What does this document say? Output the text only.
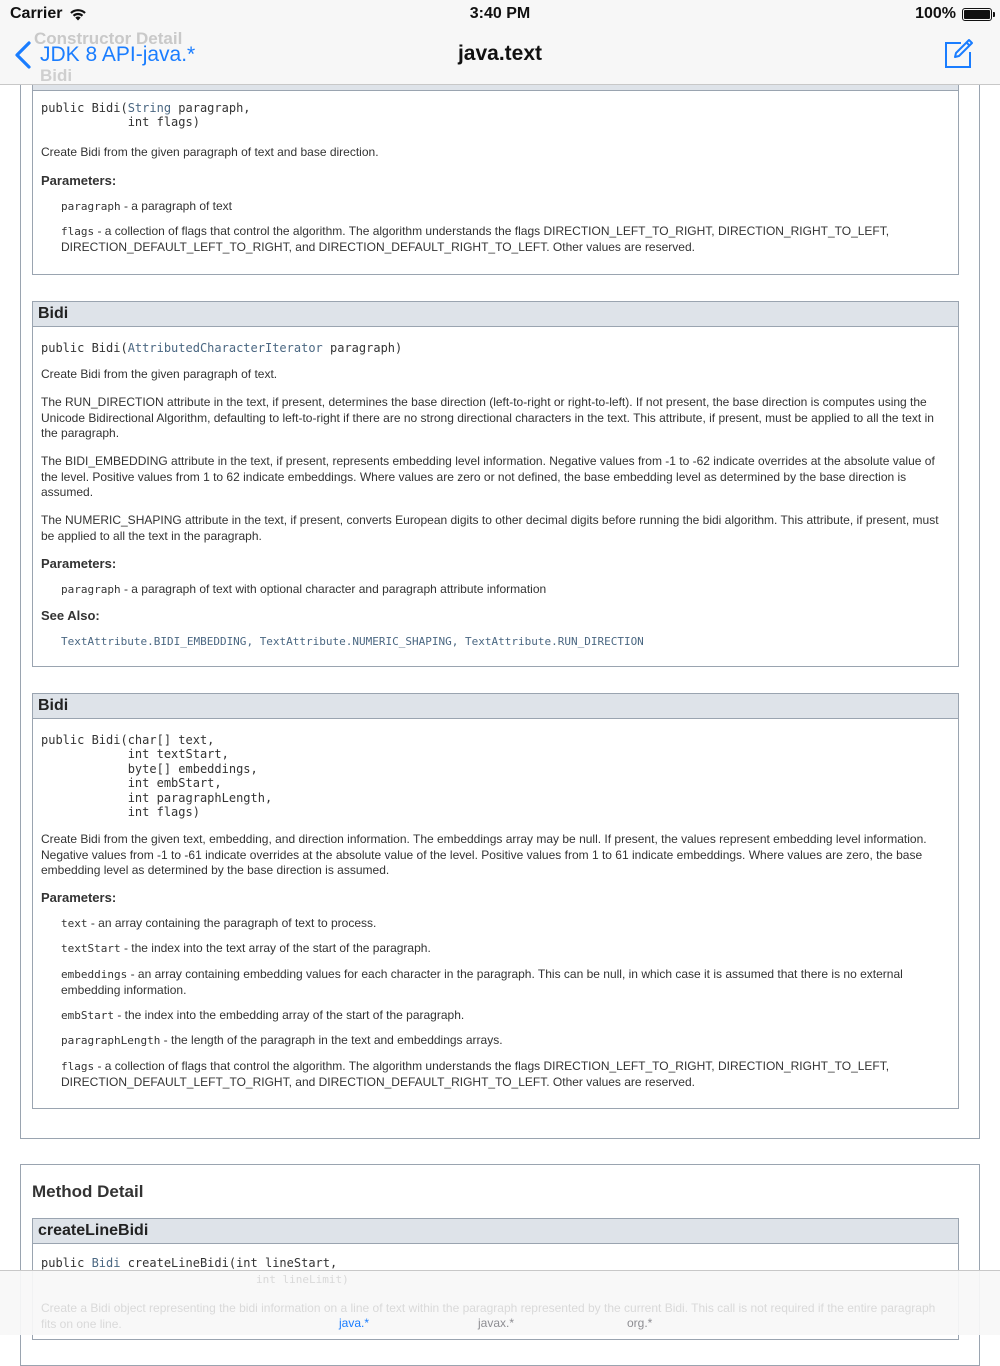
Carrier	3:40 PM	100%
Constructor Detail
Bidi
JDK 8 API-java.*	java.text
public Bidi(String paragraph,
int flags)
Create Bidi from the given paragraph of text and base direction.
Parameters:
paragraph - a paragraph of text
flags - a collection of flags that control the algorithm. The algorithm understands the flags DIRECTION_LEFT_TO_RIGHT, DIRECTION_RIGHT_TO_LEFT, DIRECTION_DEFAULT_LEFT_TO_RIGHT, and DIRECTION_DEFAULT_RIGHT_TO_LEFT. Other values are reserved.
Bidi
public Bidi(AttributedCharacterIterator paragraph)
Create Bidi from the given paragraph of text.
The RUN_DIRECTION attribute in the text, if present, determines the base direction (left-to-right or right-to-left). If not present, the base direction is computes using the Unicode Bidirectional Algorithm, defaulting to left-to-right if there are no strong directional characters in the text. This attribute, if present, must be applied to all the text in the paragraph.
The BIDI_EMBEDDING attribute in the text, if present, represents embedding level information. Negative values from -1 to -62 indicate overrides at the absolute value of the level. Positive values from 1 to 62 indicate embeddings. Where values are zero or not defined, the base embedding level as determined by the base direction is assumed.
The NUMERIC_SHAPING attribute in the text, if present, converts European digits to other decimal digits before running the bidi algorithm. This attribute, if present, must be applied to all the text in the paragraph.
Parameters:
paragraph - a paragraph of text with optional character and paragraph attribute information
See Also:
TextAttribute.BIDI_EMBEDDING, TextAttribute.NUMERIC_SHAPING, TextAttribute.RUN_DIRECTION
Bidi
public Bidi(char[] text,
int textStart,
byte[] embeddings,
int embStart,
int paragraphLength,
int flags)
Create Bidi from the given text, embedding, and direction information. The embeddings array may be null. If present, the values represent embedding level information. Negative values from -1 to -61 indicate overrides at the absolute value of the level. Positive values from 1 to 61 indicate embeddings. Where values are zero, the base embedding level as determined by the base direction is assumed.
Parameters:
text - an array containing the paragraph of text to process.
textStart - the index into the text array of the start of the paragraph.
embeddings - an array containing embedding values for each character in the paragraph. This can be null, in which case it is assumed that there is no external embedding information.
embStart - the index into the embedding array of the start of the paragraph.
paragraphLength - the length of the paragraph in the text and embeddings arrays.
flags - a collection of flags that control the algorithm. The algorithm understands the flags DIRECTION_LEFT_TO_RIGHT, DIRECTION_RIGHT_TO_LEFT, DIRECTION_DEFAULT_LEFT_TO_RIGHT, and DIRECTION_DEFAULT_RIGHT_TO_LEFT. Other values are reserved.
Method Detail
createLineBidi
public Bidi createLineBidi(int lineStart,
int lineLimit)
Create a Bidi object representing the bidi information on a line of text within the paragraph represented by the current Bidi. This call is not required if the entire paragraph
fits on one line.	java.*	javax.*	org.*
